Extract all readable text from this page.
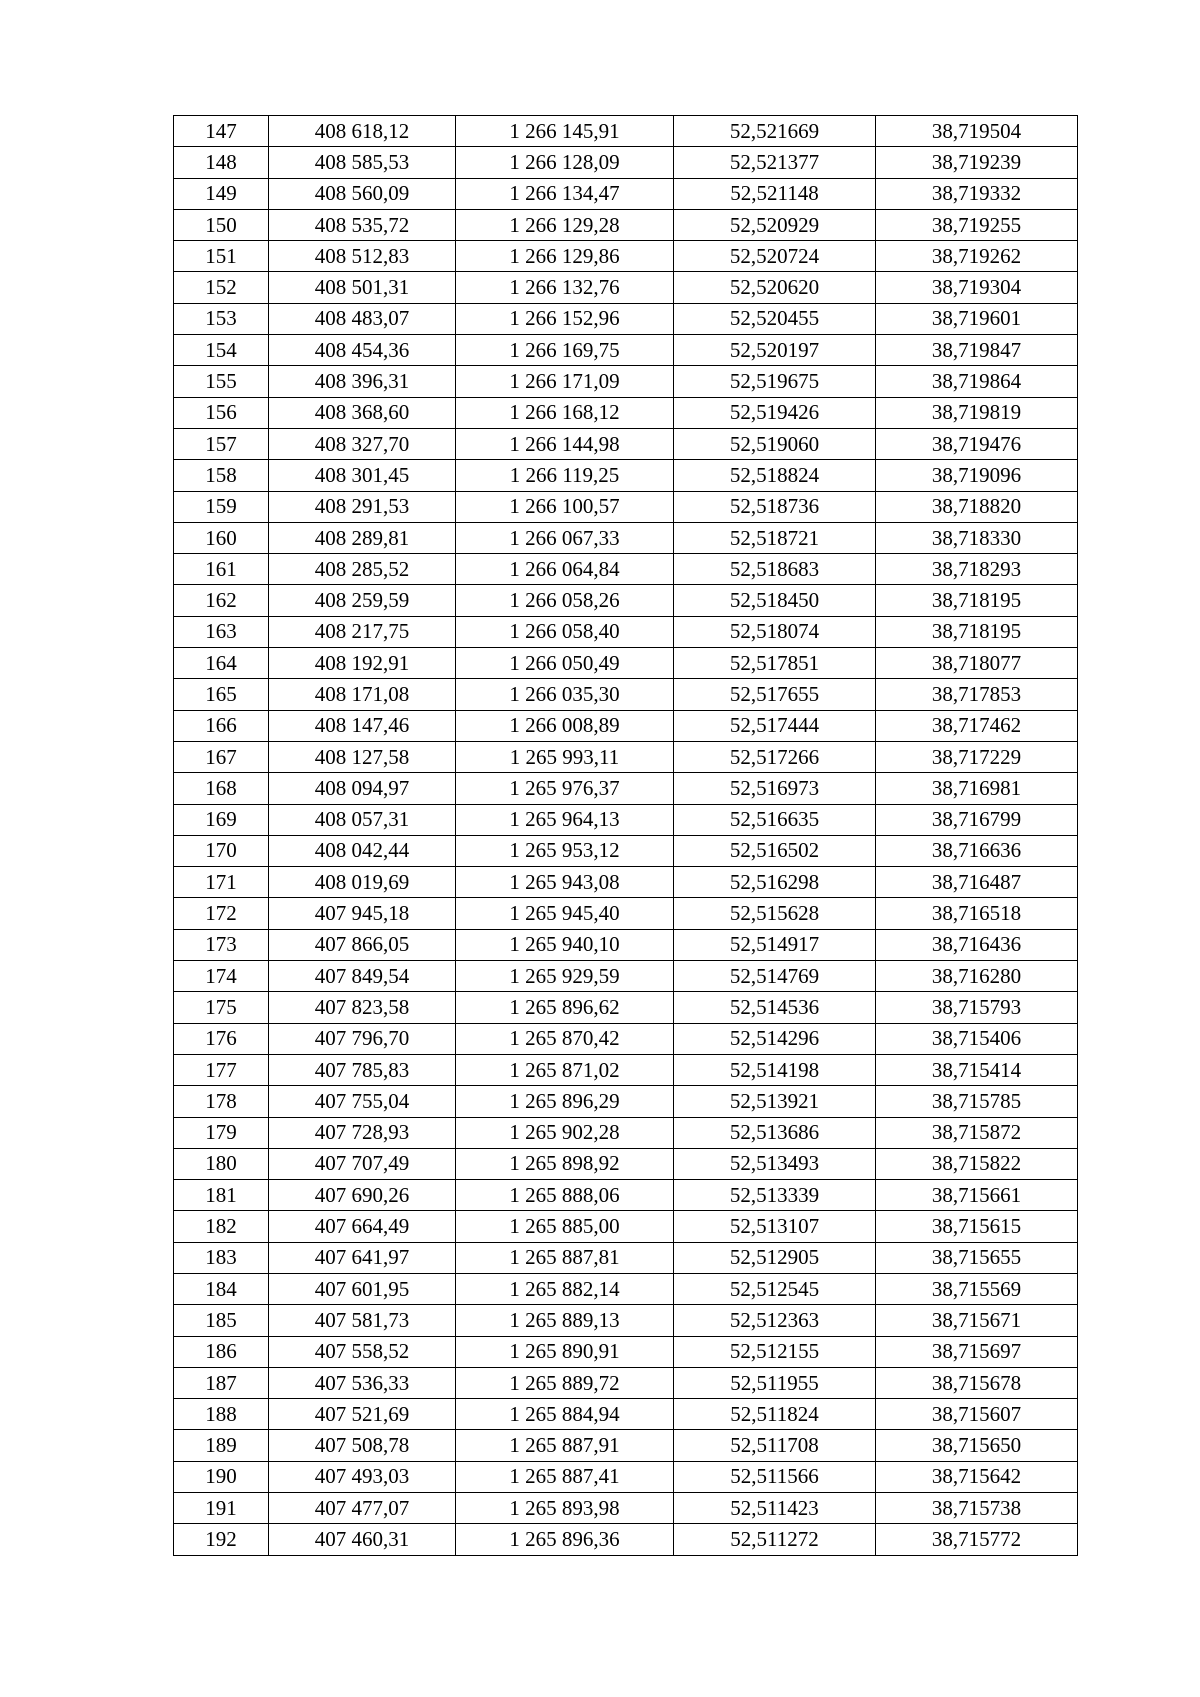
147	408 618,12	1 266 145,91	52,521669	38,719504
148	408 585,53	1 266 128,09	52,521377	38,719239
149	408 560,09	1 266 134,47	52,521148	38,719332
150	408 535,72	1 266 129,28	52,520929	38,719255
151	408 512,83	1 266 129,86	52,520724	38,719262
152	408 501,31	1 266 132,76	52,520620	38,719304
153	408 483,07	1 266 152,96	52,520455	38,719601
154	408 454,36	1 266 169,75	52,520197	38,719847
155	408 396,31	1 266 171,09	52,519675	38,719864
156	408 368,60	1 266 168,12	52,519426	38,719819
157	408 327,70	1 266 144,98	52,519060	38,719476
158	408 301,45	1 266 119,25	52,518824	38,719096
159	408 291,53	1 266 100,57	52,518736	38,718820
160	408 289,81	1 266 067,33	52,518721	38,718330
161	408 285,52	1 266 064,84	52,518683	38,718293
162	408 259,59	1 266 058,26	52,518450	38,718195
163	408 217,75	1 266 058,40	52,518074	38,718195
164	408 192,91	1 266 050,49	52,517851	38,718077
165	408 171,08	1 266 035,30	52,517655	38,717853
166	408 147,46	1 266 008,89	52,517444	38,717462
167	408 127,58	1 265 993,11	52,517266	38,717229
168	408 094,97	1 265 976,37	52,516973	38,716981
169	408 057,31	1 265 964,13	52,516635	38,716799
170	408 042,44	1 265 953,12	52,516502	38,716636
171	408 019,69	1 265 943,08	52,516298	38,716487
172	407 945,18	1 265 945,40	52,515628	38,716518
173	407 866,05	1 265 940,10	52,514917	38,716436
174	407 849,54	1 265 929,59	52,514769	38,716280
175	407 823,58	1 265 896,62	52,514536	38,715793
176	407 796,70	1 265 870,42	52,514296	38,715406
177	407 785,83	1 265 871,02	52,514198	38,715414
178	407 755,04	1 265 896,29	52,513921	38,715785
179	407 728,93	1 265 902,28	52,513686	38,715872
180	407 707,49	1 265 898,92	52,513493	38,715822
181	407 690,26	1 265 888,06	52,513339	38,715661
182	407 664,49	1 265 885,00	52,513107	38,715615
183	407 641,97	1 265 887,81	52,512905	38,715655
184	407 601,95	1 265 882,14	52,512545	38,715569
185	407 581,73	1 265 889,13	52,512363	38,715671
186	407 558,52	1 265 890,91	52,512155	38,715697
187	407 536,33	1 265 889,72	52,511955	38,715678
188	407 521,69	1 265 884,94	52,511824	38,715607
189	407 508,78	1 265 887,91	52,511708	38,715650
190	407 493,03	1 265 887,41	52,511566	38,715642
191	407 477,07	1 265 893,98	52,511423	38,715738
192	407 460,31	1 265 896,36	52,511272	38,715772
